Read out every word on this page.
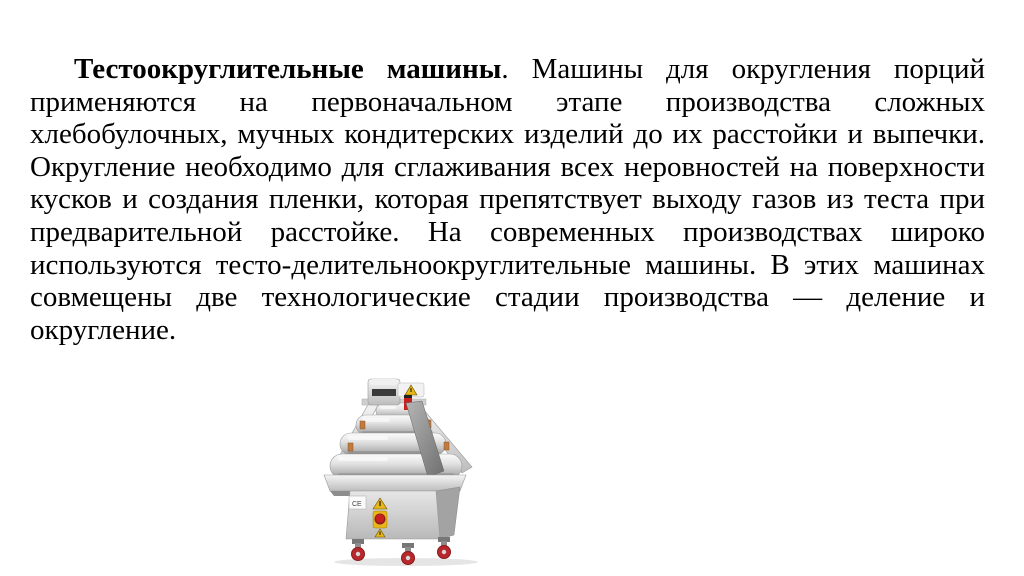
Тестоокруглительные машины. Машины для округления порций применяются на первоначальном этапе производства сложных хлебобулочных, мучных кондитерских изделий до их расстойки и выпечки. Округление необходимо для сглаживания всех неровностей на поверхности кусков и создания пленки, которая препятствует выходу газов из теста при предварительной расстойке. На современных производствах широко используются тесто-делительноокруглительные машины. В этих машинах совмещены две технологические стадии производства — деление и округление.

CE
